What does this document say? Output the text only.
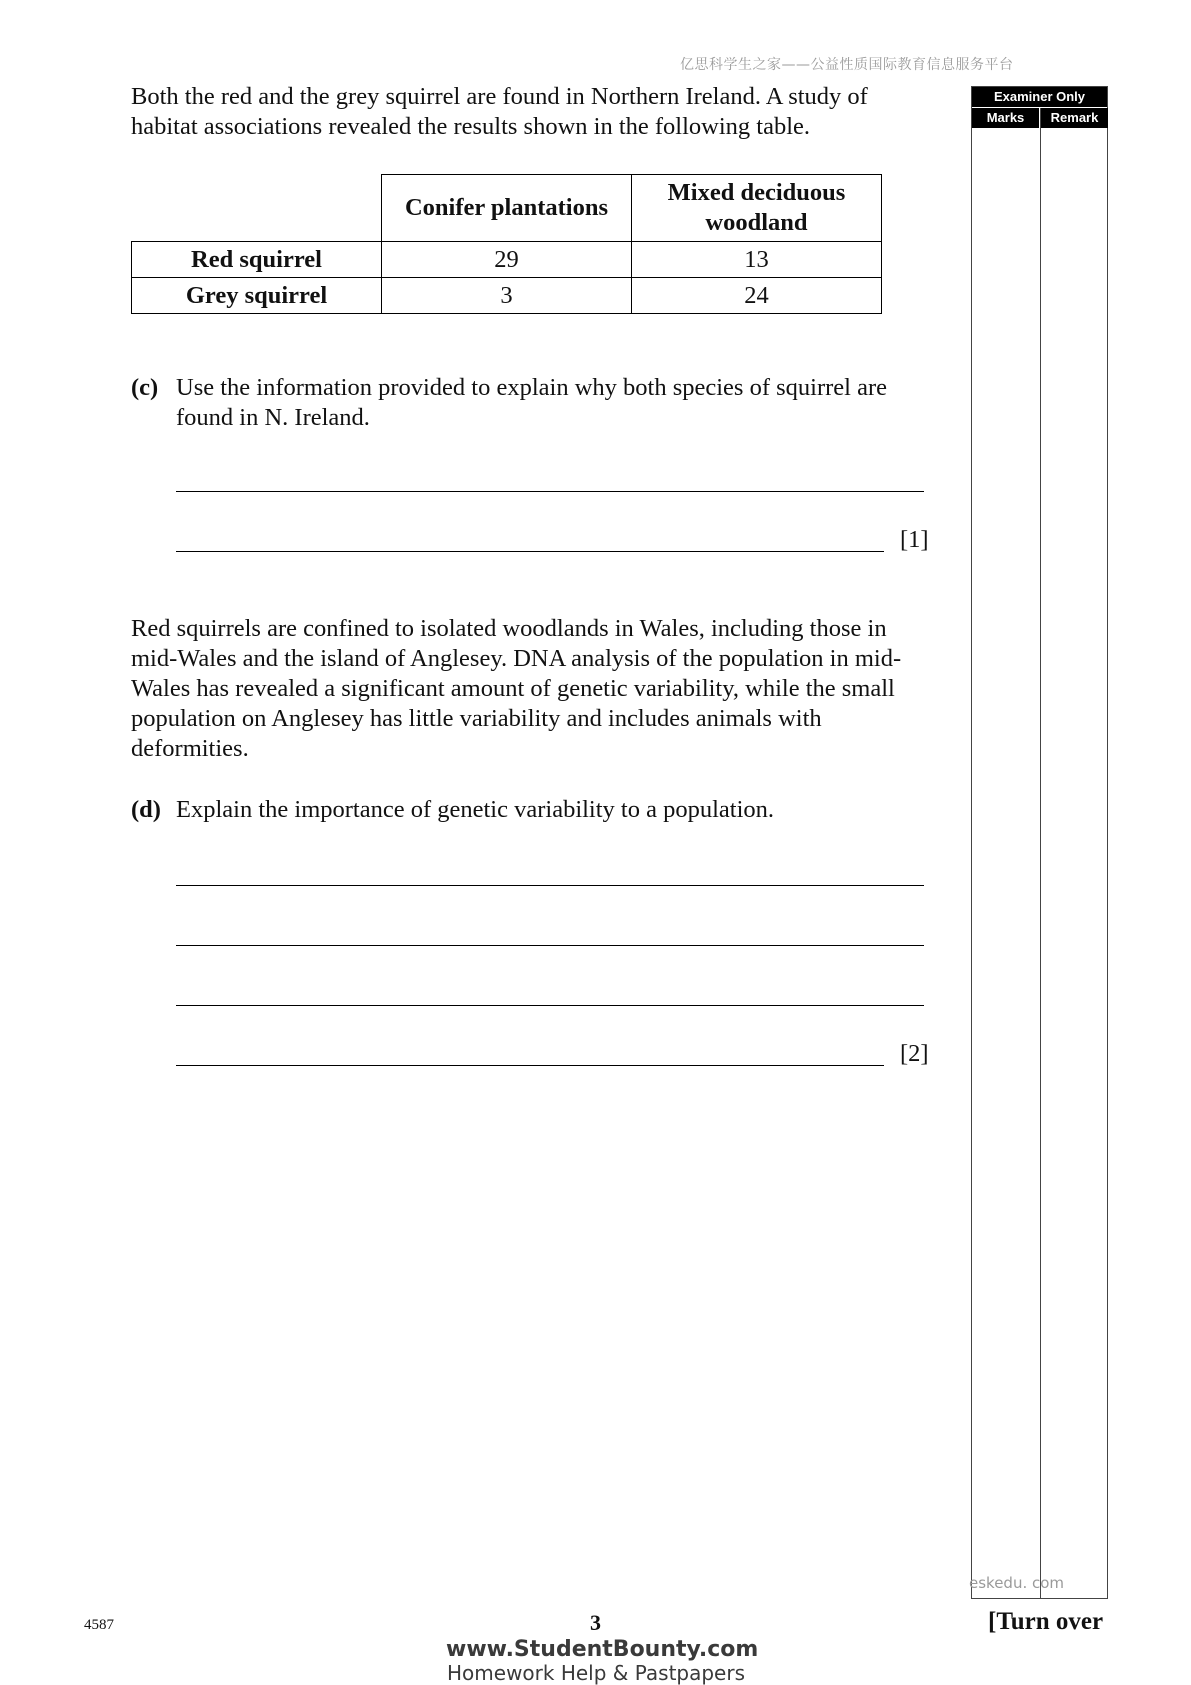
亿思科学生之家——公益性质国际教育信息服务平台
Both the red and the grey squirrel are found in Northern Ireland. A study of habitat associations revealed the results shown in the following table.
	Conifer plantations	Mixed deciduous woodland
Red squirrel	29	13
Grey squirrel	3	24
(c) Use the information provided to explain why both species of squirrel are found in N. Ireland.
[1]
Red squirrels are confined to isolated woodlands in Wales, including those in mid-Wales and the island of Anglesey. DNA analysis of the population in mid-Wales has revealed a significant amount of genetic variability, while the small population on Anglesey has little variability and includes animals with deformities.
(d) Explain the importance of genetic variability to a population.
[2]
Examiner Only
Marks	Remark
eskedu. com
4587	3	[Turn over
www.StudentBounty.com
Homework Help & Pastpapers
